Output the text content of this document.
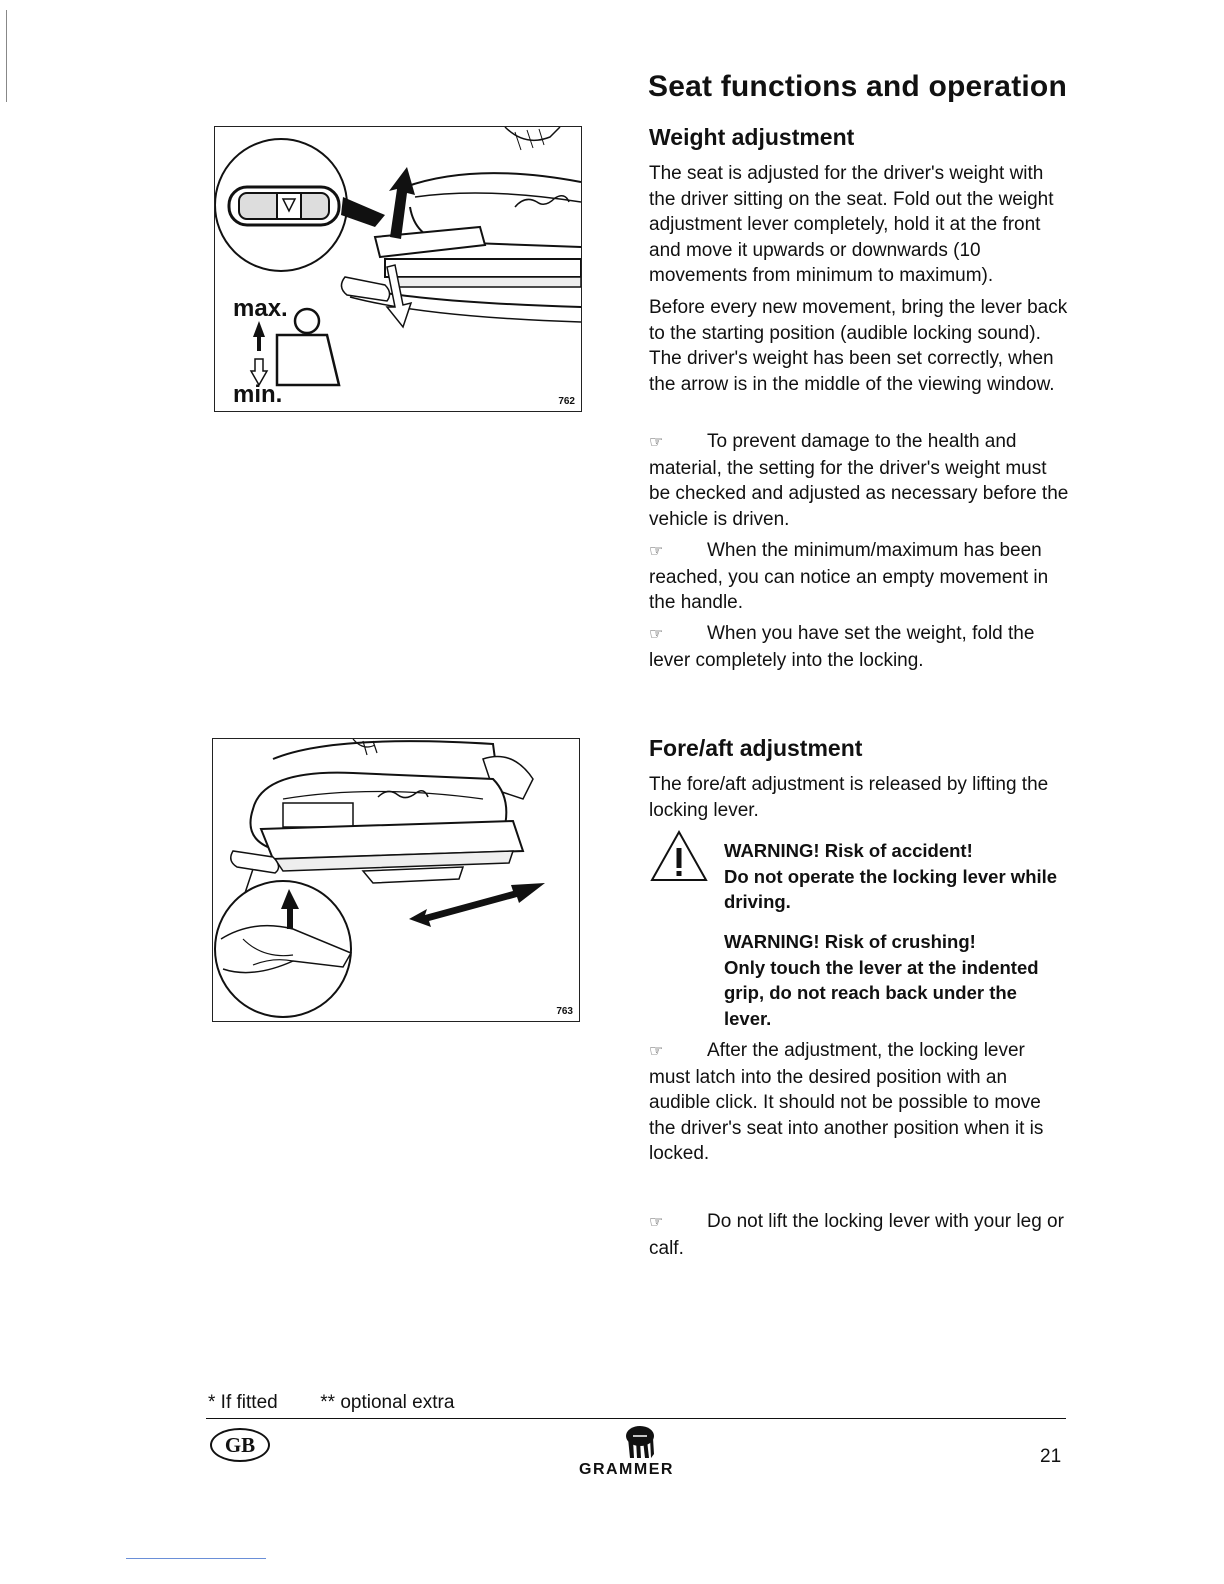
Seat functions and operation
max.
min.	762
Weight adjustment

The seat is adjusted for the driver's weight with the driver sitting on the seat. Fold out the weight adjustment lever completely, hold it at the front and move it upwards or downwards (10 movements from minimum to maximum).

Before every new movement, bring the lever back to the starting position (audible locking sound). The driver's weight has been set correctly, when the arrow is in the middle of the viewing window.

☞ To prevent damage to the health and material, the setting for the driver's weight must be checked and adjusted as necessary before the vehicle is driven.

☞ When the minimum/maximum has been reached, you can notice an empty movement in the handle.

☞ When you have set the weight, fold the lever completely into the locking.

763
Fore/aft adjustment

The fore/aft adjustment is released by lifting the locking lever.

WARNING! Risk of accident!

Do not operate the locking lever while driving.

WARNING! Risk of crushing!

Only touch the lever at the indented grip, do not reach back under the lever.

☞ After the adjustment, the locking lever must latch into the desired position with an audible click. It should not be possible to move the driver's seat into another position when it is locked.

☞ Do not lift the locking lever with your leg or calf.

* If fitted ** optional extra
GB
GRAMMER
21
